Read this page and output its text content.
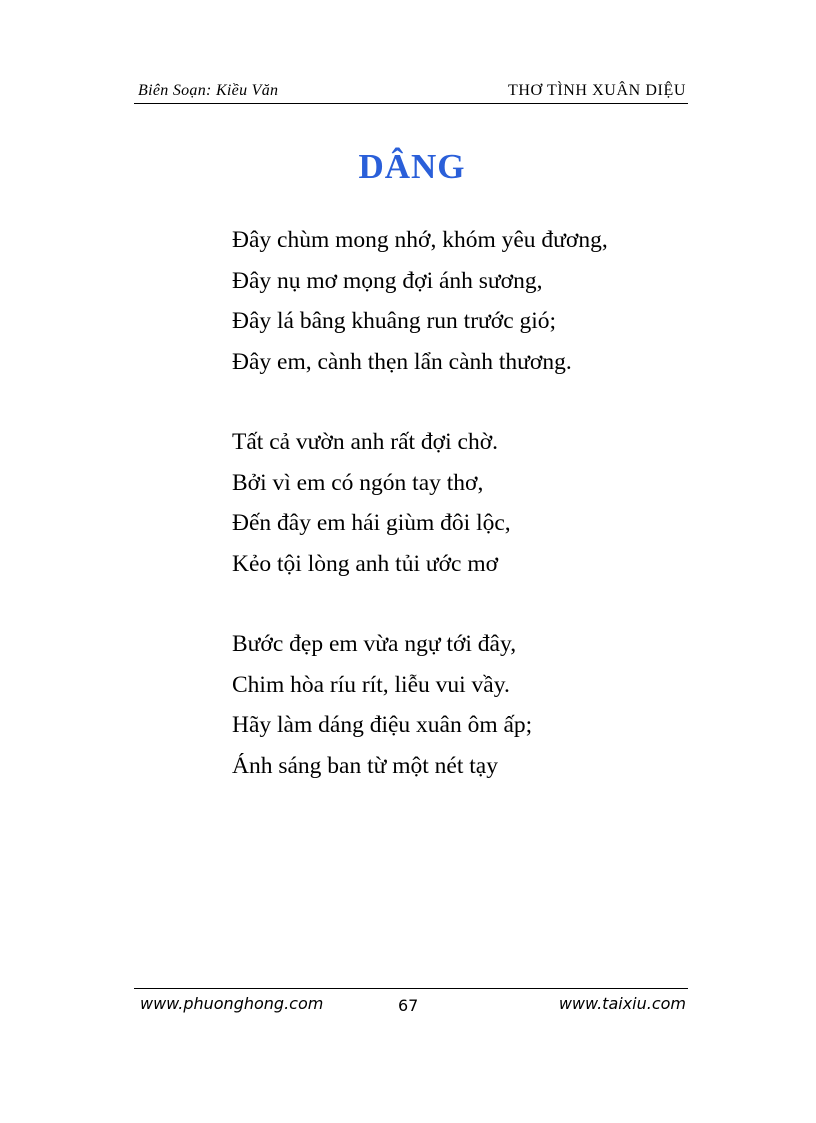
Biên Soạn: Kiều Văn	THƠ TÌNH XUÂN DIỆU
DÂNG
Đây chùm mong nhớ, khóm yêu đương,
Đây nụ mơ mọng đợi ánh sương,
Đây lá bâng khuâng run trước gió;
Đây em, cành thẹn lẩn cành thương.
Tất cả vườn anh rất đợi chờ.
Bởi vì em có ngón tay thơ,
Đến đây em hái giùm đôi lộc,
Kẻo tội lòng anh tủi ước mơ
Bước đẹp em vừa ngự tới đây,
Chim hòa ríu rít, liễu vui vầy.
Hãy làm dáng điệu xuân ôm ấp;
Ánh sáng ban từ một nét tạy
www.phuonghong.com	67	www.taixiu.com
